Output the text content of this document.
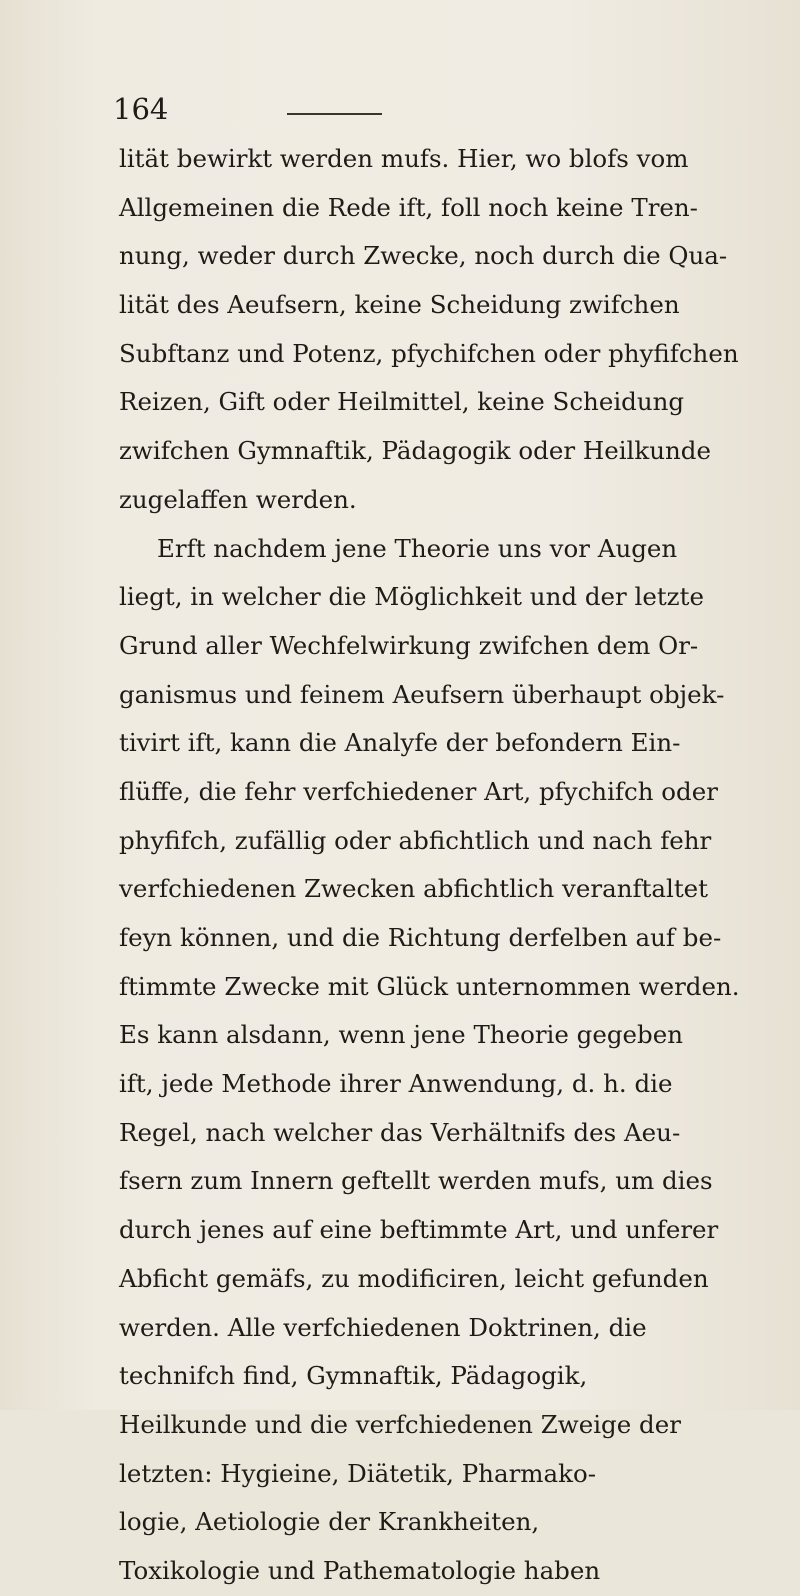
164
lität bewirkt werden mufs. Hier, wo blofs vom
Allgemeinen die Rede ift, foll noch keine Tren-
nung, weder durch Zwecke, noch durch die Qua-
lität des Aeufsern, keine Scheidung zwifchen
Subftanz und Potenz, pfychifchen oder phyfifchen
Reizen, Gift oder Heilmittel, keine Scheidung
zwifchen Gymnaftik, Pädagogik oder Heilkunde
zugelaffen werden.
Erft nachdem jene Theorie uns vor Augen
liegt, in welcher die Möglichkeit und der letzte
Grund aller Wechfelwirkung zwifchen dem Or-
ganismus und feinem Aeufsern überhaupt objek-
tivirt ift, kann die Analyfe der befondern Ein-
flüffe, die fehr verfchiedener Art, pfychifch oder
phyfifch, zufällig oder abfichtlich und nach fehr
verfchiedenen Zwecken abfichtlich veranftaltet
feyn können, und die Richtung derfelben auf be-
ftimmte Zwecke mit Glück unternommen werden.
Es kann alsdann, wenn jene Theorie gegeben
ift, jede Methode ihrer Anwendung, d. h. die
Regel, nach welcher das Verhältnifs des Aeu-
fsern zum Innern geftellt werden mufs, um dies
durch jenes auf eine beftimmte Art, und unferer
Abficht gemäfs, zu modificiren, leicht gefunden
werden. Alle verfchiedenen Doktrinen, die
technifch find, Gymnaftik, Pädagogik,
Heilkunde und die verfchiedenen Zweige der
letzten: Hygieine, Diätetik, Pharmako-
logie, Aetiologie der Krankheiten,
Toxikologie und Pathematologie haben
